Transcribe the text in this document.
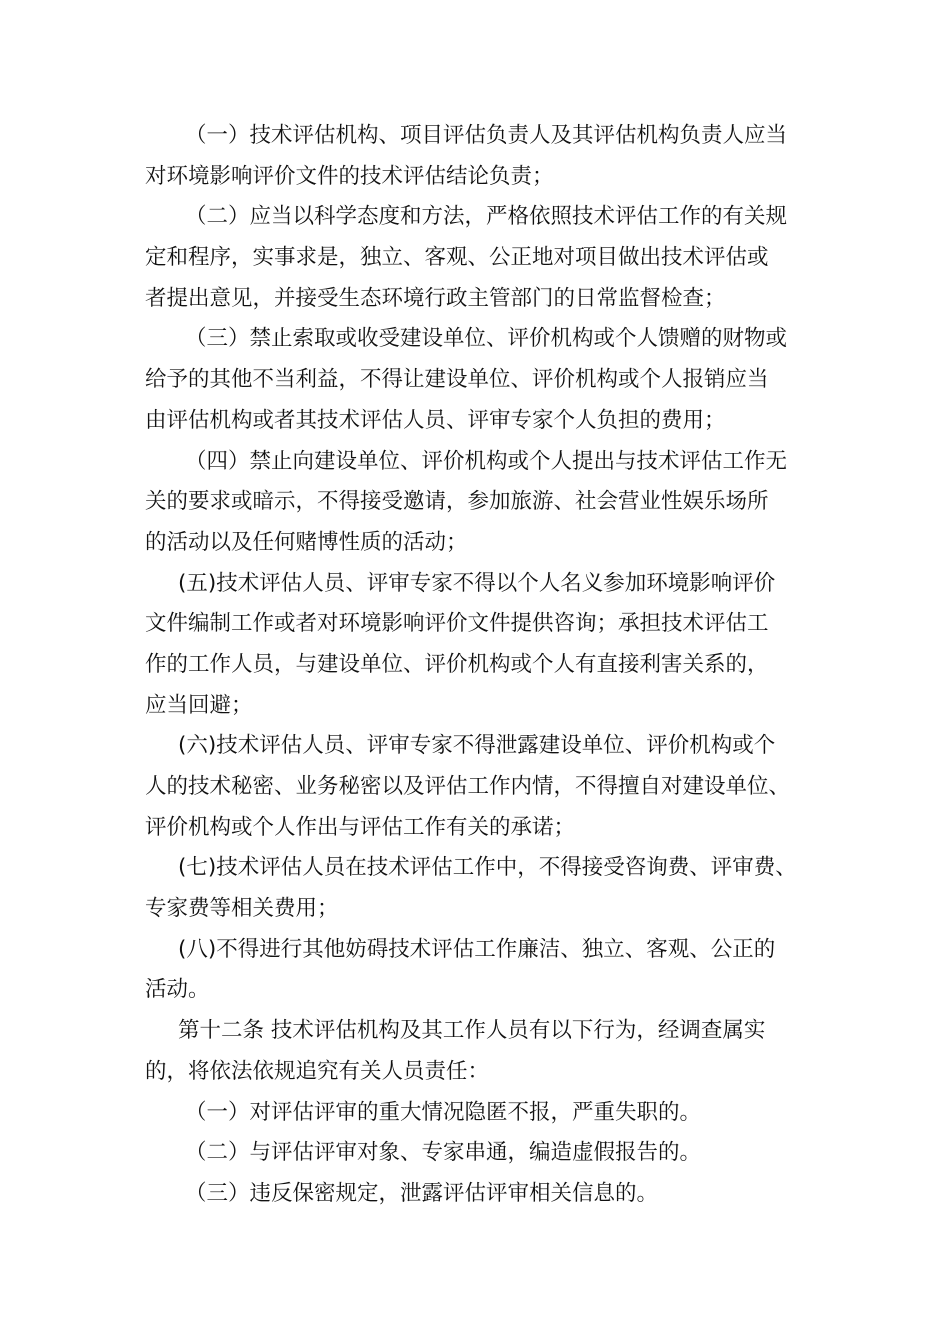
（一）技术评估机构、项目评估负责人及其评估机构负责人应当
对环境影响评价文件的技术评估结论负责；
（二）应当以科学态度和方法，严格依照技术评估工作的有关规
定和程序，实事求是，独立、客观、公正地对项目做出技术评估或
者提出意见，并接受生态环境行政主管部门的日常监督检查；
（三）禁止索取或收受建设单位、评价机构或个人馈赠的财物或
给予的其他不当利益，不得让建设单位、评价机构或个人报销应当
由评估机构或者其技术评估人员、评审专家个人负担的费用；
（四）禁止向建设单位、评价机构或个人提出与技术评估工作无
关的要求或暗示，不得接受邀请，参加旅游、社会营业性娱乐场所
的活动以及任何赌博性质的活动；
(五)技术评估人员、评审专家不得以个人名义参加环境影响评价
文件编制工作或者对环境影响评价文件提供咨询；承担技术评估工
作的工作人员，与建设单位、评价机构或个人有直接利害关系的，
应当回避；
(六)技术评估人员、评审专家不得泄露建设单位、评价机构或个
人的技术秘密、业务秘密以及评估工作内情，不得擅自对建设单位、
评价机构或个人作出与评估工作有关的承诺；
(七)技术评估人员在技术评估工作中，不得接受咨询费、评审费、
专家费等相关费用；
(八)不得进行其他妨碍技术评估工作廉洁、独立、客观、公正的
活动。
第十二条 技术评估机构及其工作人员有以下行为，经调查属实
的，将依法依规追究有关人员责任：
（一）对评估评审的重大情况隐匿不报，严重失职的。
（二）与评估评审对象、专家串通，编造虚假报告的。
（三）违反保密规定，泄露评估评审相关信息的。
